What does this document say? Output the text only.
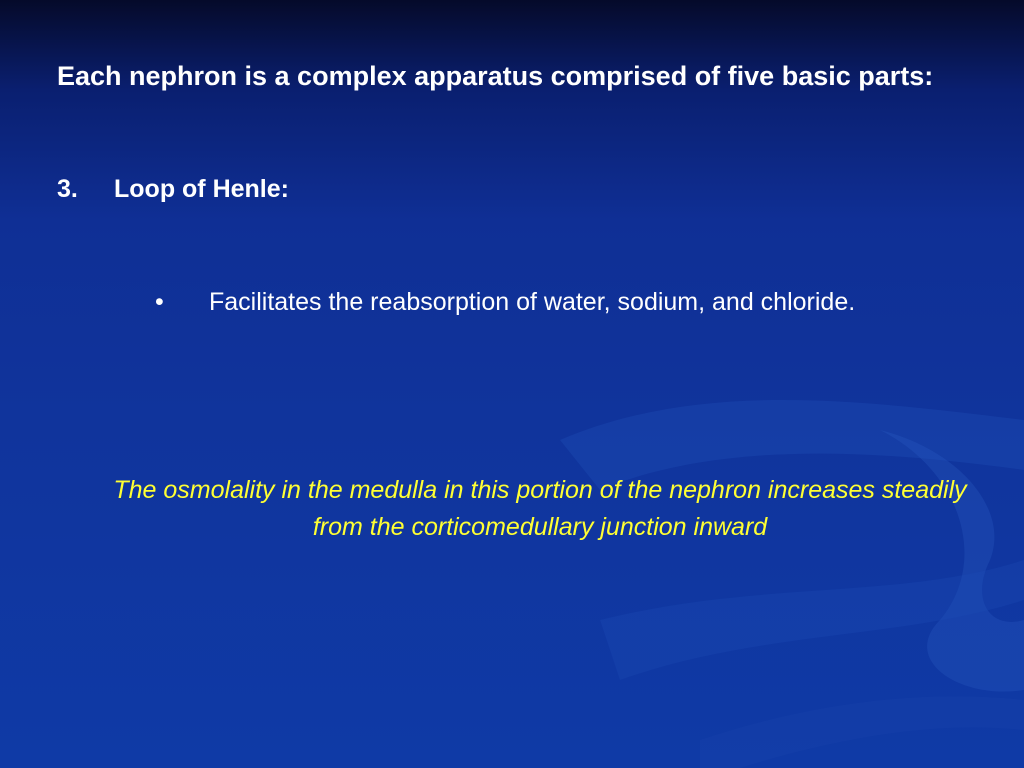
Each nephron is a complex apparatus comprised of five basic parts:
3. Loop of Henle:
• Facilitates the reabsorption of water, sodium, and chloride.
The osmolality in the medulla in this portion of the nephron increases steadily from the corticomedullary junction inward
